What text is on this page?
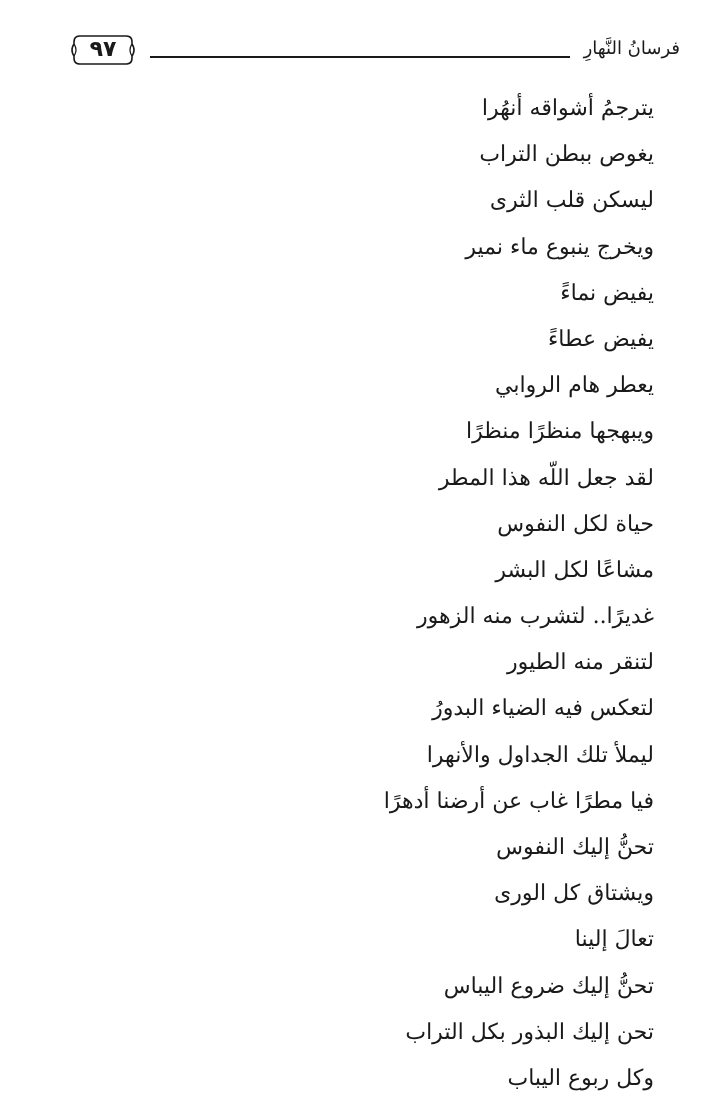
٩٧	فرسانُ النَّهارِ
يترجمُ أشواقه أنهُرا
يغوص ببطن التراب
ليسكن قلب الثرى
ويخرج ينبوع ماء نمير
يفيض نماءً
يفيض عطاءً
يعطر هام الروابي
ويبهجها منظرًا منظرًا
لقد جعل اللّه هذا المطر
حياة لكل النفوس
مشاعًا لكل البشر
غديرًا.. لتشرب منه الزهور
لتنقر منه الطيور
لتعكس فيه الضياء البدورُ
ليملأ تلك الجداول والأنهرا
فيا مطرًا غاب عن أرضنا أدهرًا
تحنُّ إليك النفوس
ويشتاق كل الورى
تعالَ إلينا
تحنُّ إليك ضروع اليباس
تحن إليك البذور بكل التراب
وكل ربوع اليباب
